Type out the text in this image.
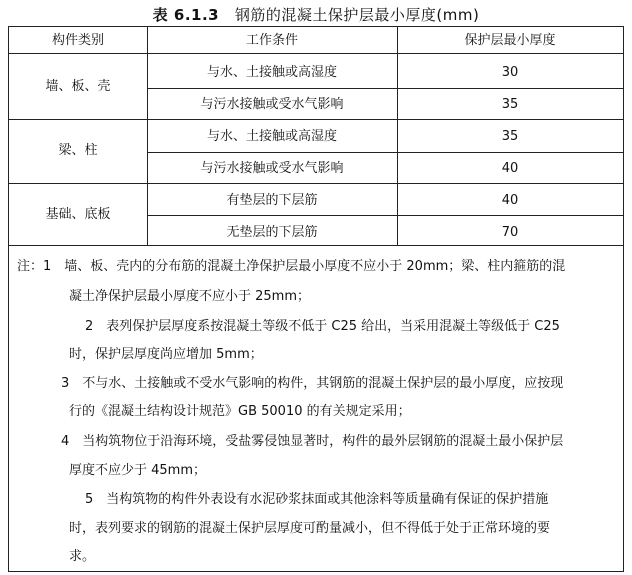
表 6.1.3 钢筋的混凝土保护层最小厚度(mm)
构件类别	工作条件	保护层最小厚度
墙、板、壳
与水、土接触或高湿度	30
与污水接触或受水气影响	35
梁、柱
与水、土接触或高湿度	35
与污水接触或受水气影响	40
基础、底板
有垫层的下层筋	40
无垫层的下层筋	70
注：1　墙、板、壳内的分布筋的混凝土净保护层最小厚度不应小于 20mm；梁、柱内箍筋的混
凝土净保护层最小厚度不应小于 25mm；
2　表列保护层厚度系按混凝土等级不低于 C25 给出，当采用混凝土等级低于 C25
时，保护层厚度尚应增加 5mm；
3　不与水、土接触或不受水气影响的构件，其钢筋的混凝土保护层的最小厚度，应按现
行的《混凝土结构设计规范》GB 50010 的有关规定采用；
4　当构筑物位于沿海环境，受盐雾侵蚀显著时，构件的最外层钢筋的混凝土最小保护层
厚度不应少于 45mm；
5　当构筑物的构件外表设有水泥砂浆抹面或其他涂料等质量确有保证的保护措施
时，表列要求的钢筋的混凝土保护层厚度可酌量减小，但不得低于处于正常环境的要
求。
